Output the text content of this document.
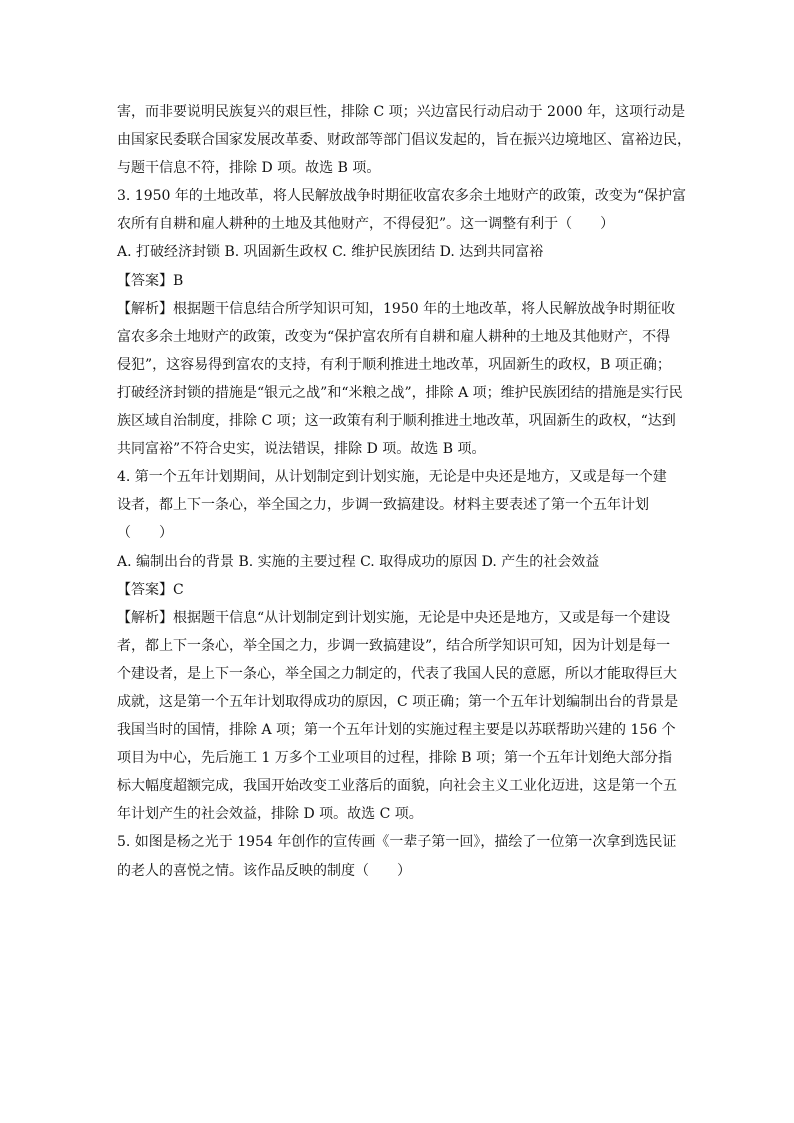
害，而非要说明民族复兴的艰巨性，排除 C 项；兴边富民行动启动于 2000 年，这项行动是
由国家民委联合国家发展改革委、财政部等部门倡议发起的，旨在振兴边境地区、富裕边民，
与题干信息不符，排除 D 项。故选 B 项。
3. 1950 年的土地改革，将人民解放战争时期征收富农多余土地财产的政策，改变为“保护富
农所有自耕和雇人耕种的土地及其他财产，不得侵犯”。这一调整有利于（　　）
A. 打破经济封锁 B. 巩固新生政权 C. 维护民族团结 D. 达到共同富裕
【答案】B
【解析】根据题干信息结合所学知识可知，1950 年的土地改革，将人民解放战争时期征收
富农多余土地财产的政策，改变为“保护富农所有自耕和雇人耕种的土地及其他财产，不得
侵犯”，这容易得到富农的支持，有利于顺利推进土地改革，巩固新生的政权，B 项正确；
打破经济封锁的措施是“银元之战”和“米粮之战”，排除 A 项；维护民族团结的措施是实行民
族区域自治制度，排除 C 项；这一政策有利于顺利推进土地改革，巩固新生的政权，“达到
共同富裕”不符合史实，说法错误，排除 D 项。故选 B 项。
4. 第一个五年计划期间，从计划制定到计划实施，无论是中央还是地方，又或是每一个建
设者，都上下一条心，举全国之力，步调一致搞建设。材料主要表述了第一个五年计划
（　　）
A. 编制出台的背景 B. 实施的主要过程 C. 取得成功的原因 D. 产生的社会效益
【答案】C
【解析】根据题干信息“从计划制定到计划实施，无论是中央还是地方，又或是每一个建设
者，都上下一条心，举全国之力，步调一致搞建设”，结合所学知识可知，因为计划是每一
个建设者，是上下一条心，举全国之力制定的，代表了我国人民的意愿，所以才能取得巨大
成就，这是第一个五年计划取得成功的原因，C 项正确；第一个五年计划编制出台的背景是
我国当时的国情，排除 A 项；第一个五年计划的实施过程主要是以苏联帮助兴建的 156 个
项目为中心，先后施工 1 万多个工业项目的过程，排除 B 项；第一个五年计划绝大部分指
标大幅度超额完成，我国开始改变工业落后的面貌，向社会主义工业化迈进，这是第一个五
年计划产生的社会效益，排除 D 项。故选 C 项。
5. 如图是杨之光于 1954 年创作的宣传画《一辈子第一回》，描绘了一位第一次拿到选民证
的老人的喜悦之情。该作品反映的制度（　　）
